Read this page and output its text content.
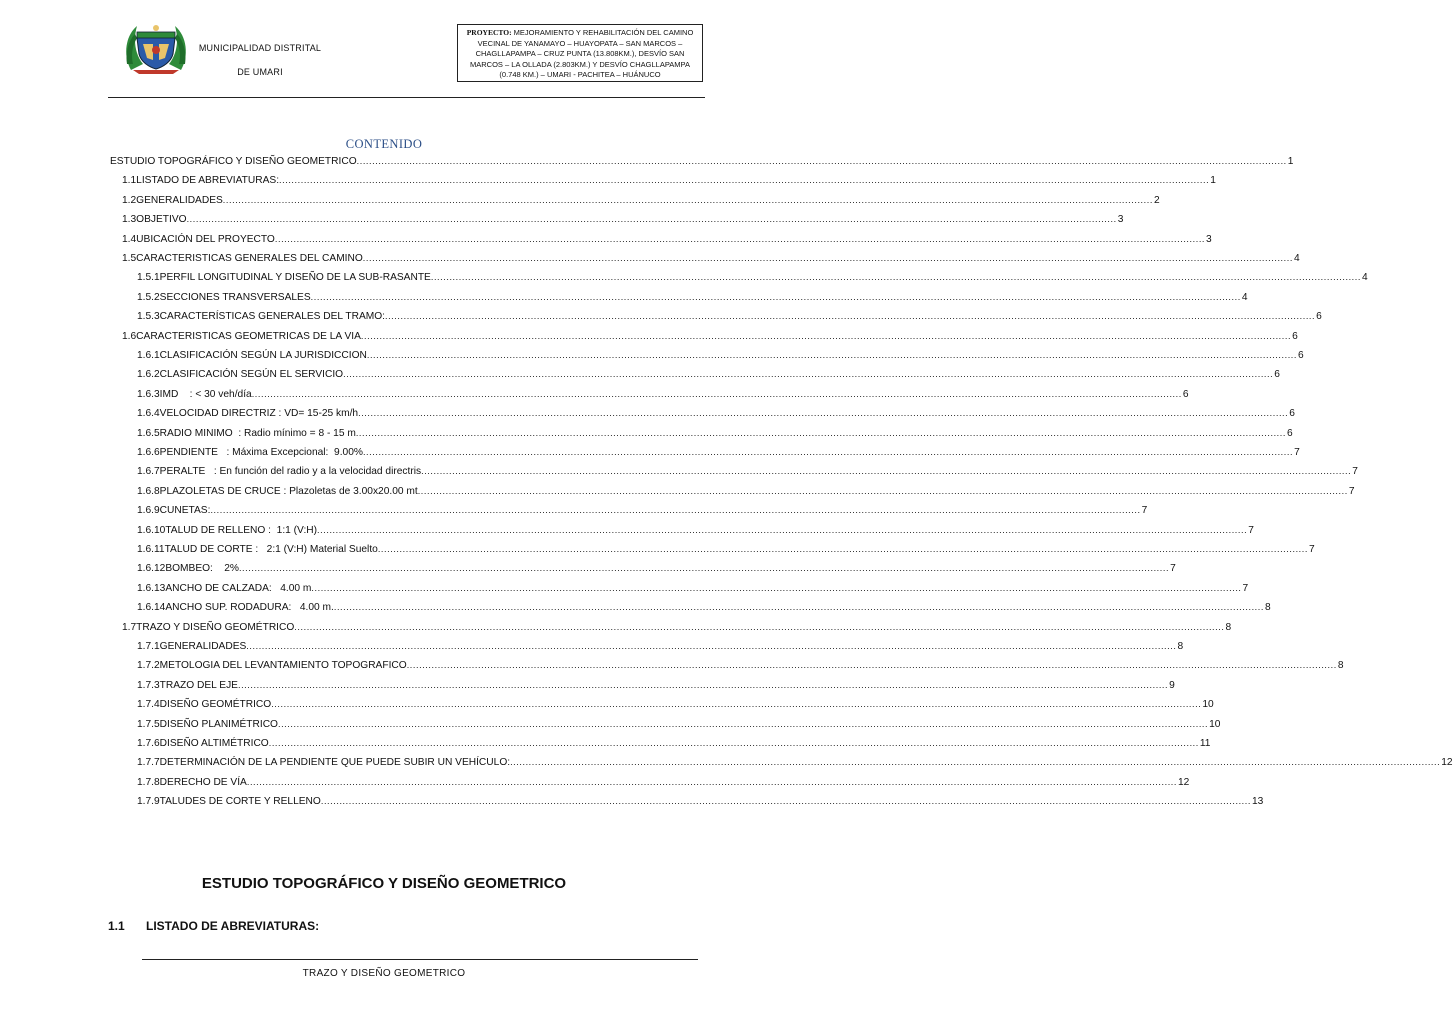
MUNICIPALIDAD DISTRITAL
DE UMARI
PROYECTO: MEJORAMIENTO Y REHABILITACIÓN DEL CAMINO VECINAL DE YANAMAYO – HUAYOPATA – SAN MARCOS – CHAGLLAPAMPA – CRUZ PUNTA (13.808KM.), DESVÍO SAN MARCOS – LA OLLADA (2.803KM.) Y DESVÍO CHAGLLAPAMPA (0.748 KM.) – UMARI - PACHITEA – HUÁNUCO
CONTENIDO
ESTUDIO TOPOGRÁFICO Y DISEÑO GEOMETRICO ............................................................................................................................................................................................................................................................................................................ 1
1.1 LISTADO DE ABREVIATURAS: ............................................................................................................................................................................................................................................................................................................ 1
1.2 GENERALIDADES ............................................................................................................................................................................................................................................................................................................ 2
1.3 OBJETIVO ............................................................................................................................................................................................................................................................................................................ 3
1.4 UBICACIÓN DEL PROYECTO ............................................................................................................................................................................................................................................................................................................ 3
1.5 CARACTERISTICAS GENERALES DEL CAMINO ............................................................................................................................................................................................................................................................................................................ 4
1.5.1 PERFIL LONGITUDINAL Y DISEÑO DE LA SUB-RASANTE ............................................................................................................................................................................................................................................................................................................ 4
1.5.2 SECCIONES TRANSVERSALES ............................................................................................................................................................................................................................................................................................................ 4
1.5.3 CARACTERÍSTICAS GENERALES DEL TRAMO: ............................................................................................................................................................................................................................................................................................................ 6
1.6 CARACTERISTICAS GEOMETRICAS DE LA VIA ............................................................................................................................................................................................................................................................................................................ 6
1.6.1 CLASIFICACIÓN SEGÚN LA JURISDICCION ............................................................................................................................................................................................................................................................................................................ 6
1.6.2 CLASIFICACIÓN SEGÚN EL SERVICIO ............................................................................................................................................................................................................................................................................................................ 6
1.6.3 IMD    : < 30 veh/día ............................................................................................................................................................................................................................................................................................................ 6
1.6.4 VELOCIDAD DIRECTRIZ : VD= 15-25 km/h ............................................................................................................................................................................................................................................................................................................ 6
1.6.5 RADIO MINIMO  : Radio mínimo = 8 - 15 m ............................................................................................................................................................................................................................................................................................................ 6
1.6.6 PENDIENTE   : Máxima Excepcional:  9.00% ............................................................................................................................................................................................................................................................................................................ 7
1.6.7 PERALTE   : En función del radio y a la velocidad directris ............................................................................................................................................................................................................................................................................................................ 7
1.6.8 PLAZOLETAS DE CRUCE : Plazoletas de 3.00x20.00 mt ............................................................................................................................................................................................................................................................................................................ 7
1.6.9 CUNETAS: ............................................................................................................................................................................................................................................................................................................ 7
1.6.10 TALUD DE RELLENO :  1:1 (V:H) ............................................................................................................................................................................................................................................................................................................ 7
1.6.11 TALUD DE CORTE :   2:1 (V:H) Material Suelto ............................................................................................................................................................................................................................................................................................................ 7
1.6.12 BOMBEO:    2% ............................................................................................................................................................................................................................................................................................................ 7
1.6.13 ANCHO DE CALZADA:   4.00 m ............................................................................................................................................................................................................................................................................................................ 7
1.6.14 ANCHO SUP. RODADURA:   4.00 m. ............................................................................................................................................................................................................................................................................................................ 8
1.7 TRAZO Y DISEÑO GEOMÉTRICO ............................................................................................................................................................................................................................................................................................................ 8
1.7.1 GENERALIDADES ............................................................................................................................................................................................................................................................................................................ 8
1.7.2 METOLOGIA DEL LEVANTAMIENTO TOPOGRAFICO ............................................................................................................................................................................................................................................................................................................ 8
1.7.3 TRAZO DEL EJE ............................................................................................................................................................................................................................................................................................................ 9
1.7.4 DISEÑO GEOMÉTRICO ............................................................................................................................................................................................................................................................................................................ 10
1.7.5 DISEÑO PLANIMÉTRICO ............................................................................................................................................................................................................................................................................................................ 10
1.7.6 DISEÑO ALTIMÉTRICO ............................................................................................................................................................................................................................................................................................................ 11
1.7.7 DETERMINACIÓN DE LA PENDIENTE QUE PUEDE SUBIR UN VEHÍCULO: ............................................................................................................................................................................................................................................................................................................ 12
1.7.8 DERECHO DE VÍA ............................................................................................................................................................................................................................................................................................................ 12
1.7.9 TALUDES DE CORTE Y RELLENO ............................................................................................................................................................................................................................................................................................................ 13
ESTUDIO TOPOGRÁFICO Y DISEÑO GEOMETRICO
1.1 LISTADO DE ABREVIATURAS:
TRAZO Y DISEÑO GEOMETRICO
